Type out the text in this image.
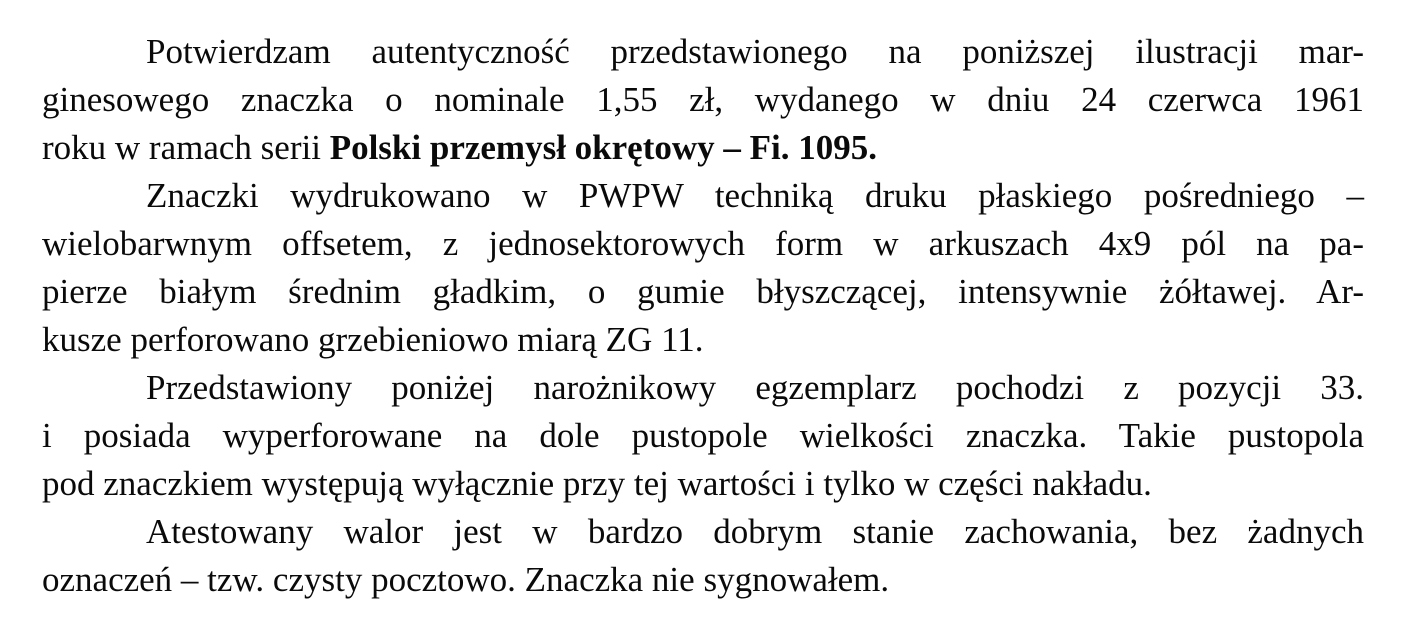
Potwierdzam autentyczność przedstawionego na poniższej ilustracji mar-
ginesowego znaczka o nominale 1,55 zł, wydanego w dniu 24 czerwca 1961
roku w ramach serii Polski przemysł okrętowy – Fi. 1095.
Znaczki wydrukowano w PWPW techniką druku płaskiego pośredniego –
wielobarwnym offsetem, z jednosektorowych form w arkuszach 4x9 pól na pa-
pierze białym średnim gładkim, o gumie błyszczącej, intensywnie żółtawej. Ar-
kusze perforowano grzebieniowo miarą ZG 11.
Przedstawiony poniżej narożnikowy egzemplarz pochodzi z pozycji 33.
i posiada wyperforowane na dole pustopole wielkości znaczka. Takie pustopola
pod znaczkiem występują wyłącznie przy tej wartości i tylko w części nakładu.
Atestowany walor jest w bardzo dobrym stanie zachowania, bez żadnych
oznaczeń – tzw. czysty pocztowo. Znaczka nie sygnowałem.
